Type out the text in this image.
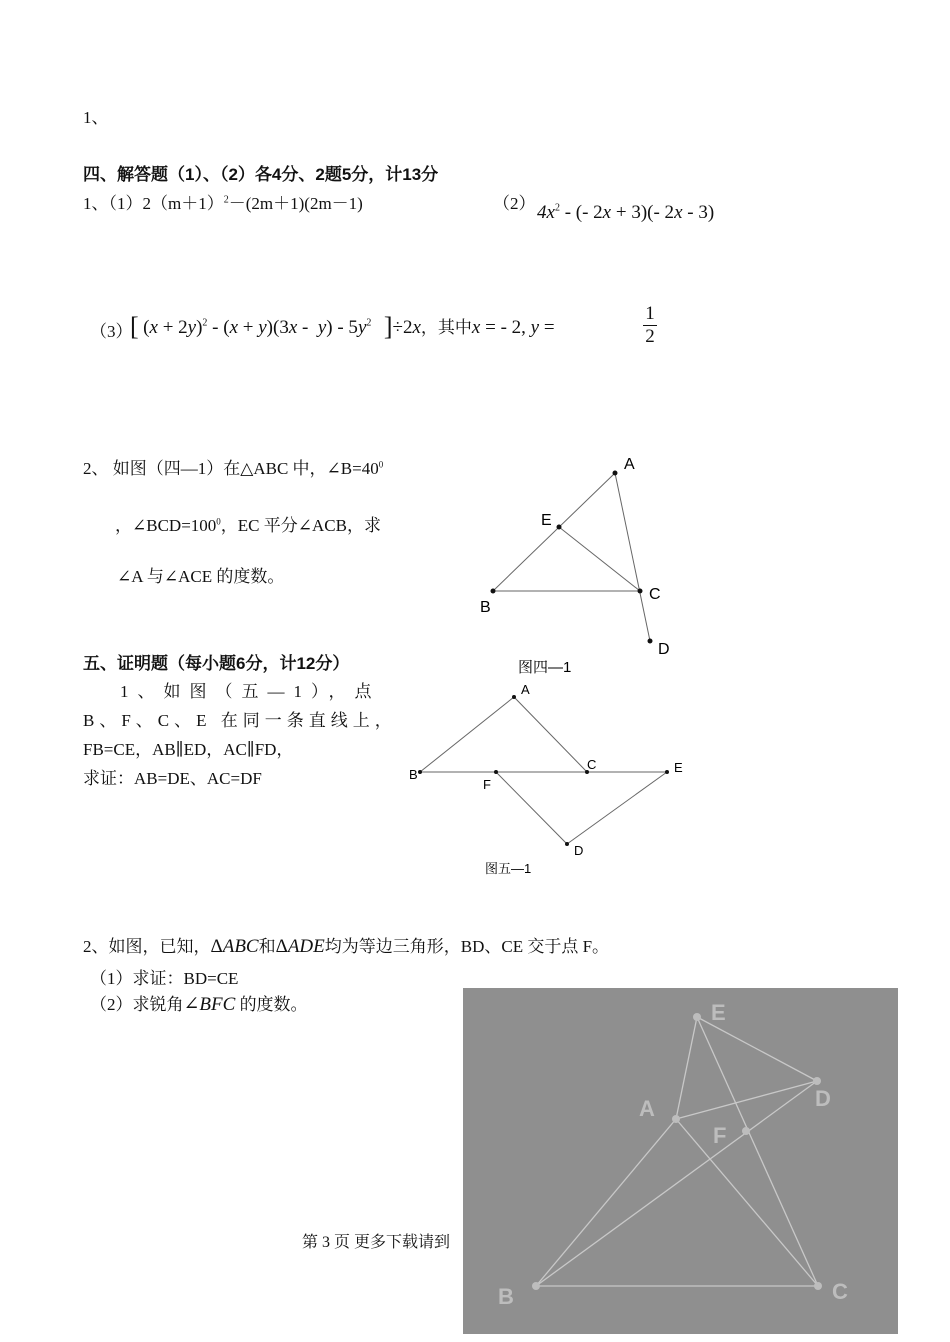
1、
四、解答题（1）、（2）各4分、2题5分，计13分
1、$(1)2(m+1)^2-(2m+1)(2m-1)$	（2） $4x^2$ - (- 2x + 3)(- 2x - 3)
（3）
[ $(x + 2y)^2 - (x + y)(3x - y) - 5y^2$ ]÷2x，其中x = - 2, y =
1
2
2、 如图（四—1）在△ABC 中，$\angle B=40^0$
，$\angle BCD=100^0$，EC 平分∠ACB，求
∠A 与∠ACE 的度数。
A
E
B
C
D
图四—1
五、证明题（每小题6分，计12分）
1、如图（五—1），点
B、F、C、E 在同一条直线上，
FB=CE，AB∥ED，AC∥FD，
求证：AB=DE、AC=DF
A
B
F
C	E
D
图五—1
2、如图，已知，ΔABC和ΔADE均为等边三角形，BD、CE 交于点 F。
（1）求证：BD=CE
（2）求锐角∠BFC 的度数。
第 3 页 更多下载请到
E
D
A
F
B	C
